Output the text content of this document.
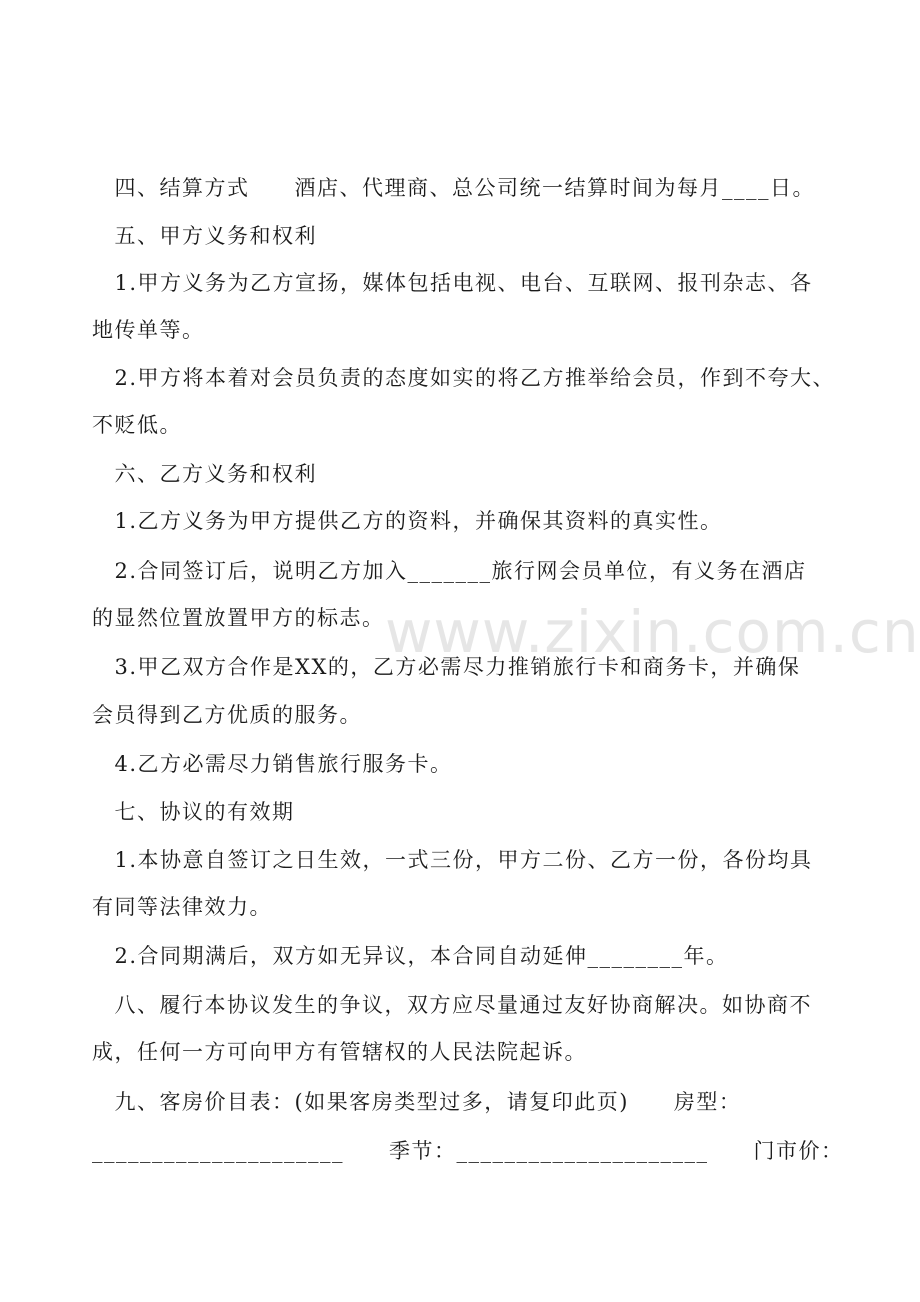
www.zixin.com.cn
　四、结算方式　　酒店、代理商、总公司统一结算时间为每月____日。
　五、甲方义务和权利
　1.甲方义务为乙方宣扬，媒体包括电视、电台、互联网、报刊杂志、各
地传单等。
　2.甲方将本着对会员负责的态度如实的将乙方推举给会员，作到不夸大、
不贬低。
　六、乙方义务和权利
　1.乙方义务为甲方提供乙方的资料，并确保其资料的真实性。
　2.合同签订后，说明乙方加入_______旅行网会员单位，有义务在酒店
的显然位置放置甲方的标志。
　3.甲乙双方合作是XX的，乙方必需尽力推销旅行卡和商务卡，并确保
会员得到乙方优质的服务。
　4.乙方必需尽力销售旅行服务卡。
　七、协议的有效期
　1.本协意自签订之日生效，一式三份，甲方二份、乙方一份，各份均具
有同等法律效力。
　2.合同期满后，双方如无异议，本合同自动延伸________年。
　八、履行本协议发生的争议，双方应尽量通过友好协商解决。如协商不
成，任何一方可向甲方有管辖权的人民法院起诉。
　九、客房价目表：(如果客房类型过多，请复印此页)　　房型：
_____________________　　季节：_____________________　　门市价：
